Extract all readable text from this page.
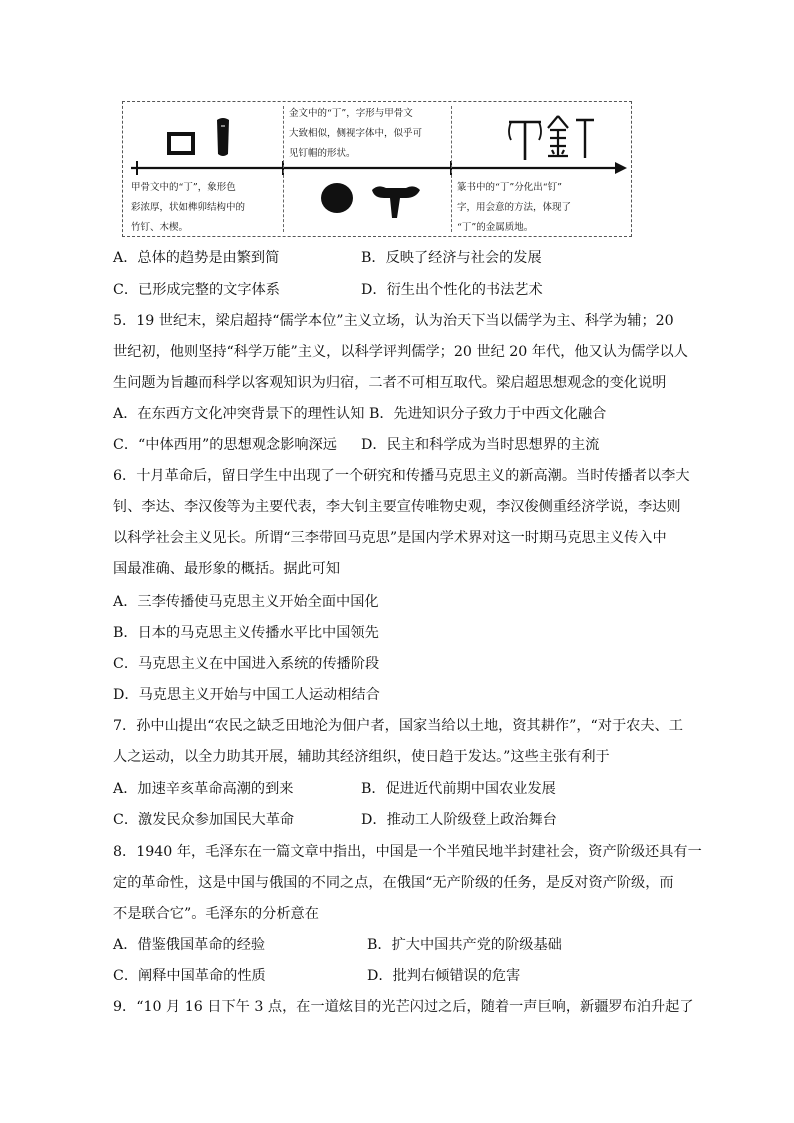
甲骨文中的“丁”，象形色
彩浓厚，状如榫卯结构中的
竹钉、木楔。
金文中的“丁”，字形与甲骨文
大致相似，侧视字体中，似乎可
见钉帽的形状。
篆书中的“丁”分化出“钉”
字，用会意的方法，体现了
“丁”的金属质地。
A．总体的趋势是由繁到简	B．反映了经济与社会的发展
C．已形成完整的文字体系	D．衍生出个性化的书法艺术
5．19 世纪末，梁启超持“儒学本位”主义立场，认为治天下当以儒学为主、科学为辅；20
世纪初，他则坚持“科学万能”主义，以科学评判儒学；20 世纪 20 年代，他又认为儒学以人
生问题为旨趣而科学以客观知识为归宿，二者不可相互取代。梁启超思想观念的变化说明
A．在东西方文化冲突背景下的理性认知 B．先进知识分子致力于中西文化融合
C．“中体西用”的思想观念影响深远 D．民主和科学成为当时思想界的主流
6．十月革命后，留日学生中出现了一个研究和传播马克思主义的新高潮。当时传播者以李大
钊、李达、李汉俊等为主要代表，李大钊主要宣传唯物史观，李汉俊侧重经济学说，李达则
以科学社会主义见长。所谓“三李带回马克思”是国内学术界对这一时期马克思主义传入中
国最准确、最形象的概括。据此可知
A．三李传播使马克思主义开始全面中国化
B．日本的马克思主义传播水平比中国领先
C．马克思主义在中国进入系统的传播阶段
D．马克思主义开始与中国工人运动相结合
7．孙中山提出“农民之缺乏田地沦为佃户者，国家当给以土地，资其耕作”，“对于农夫、工
人之运动，以全力助其开展，辅助其经济组织，使日趋于发达。”这些主张有利于
A．加速辛亥革命高潮的到来	B．促进近代前期中国农业发展
C．激发民众参加国民大革命	D．推动工人阶级登上政治舞台
8．1940 年，毛泽东在一篇文章中指出，中国是一个半殖民地半封建社会，资产阶级还具有一
定的革命性，这是中国与俄国的不同之点，在俄国“无产阶级的任务，是反对资产阶级，而
不是联合它”。毛泽东的分析意在
A．借鉴俄国革命的经验	B．扩大中国共产党的阶级基础
C．阐释中国革命的性质	D．批判右倾错误的危害
9．“10 月 16 日下午 3 点，在一道炫目的光芒闪过之后，随着一声巨响，新疆罗布泊升起了
